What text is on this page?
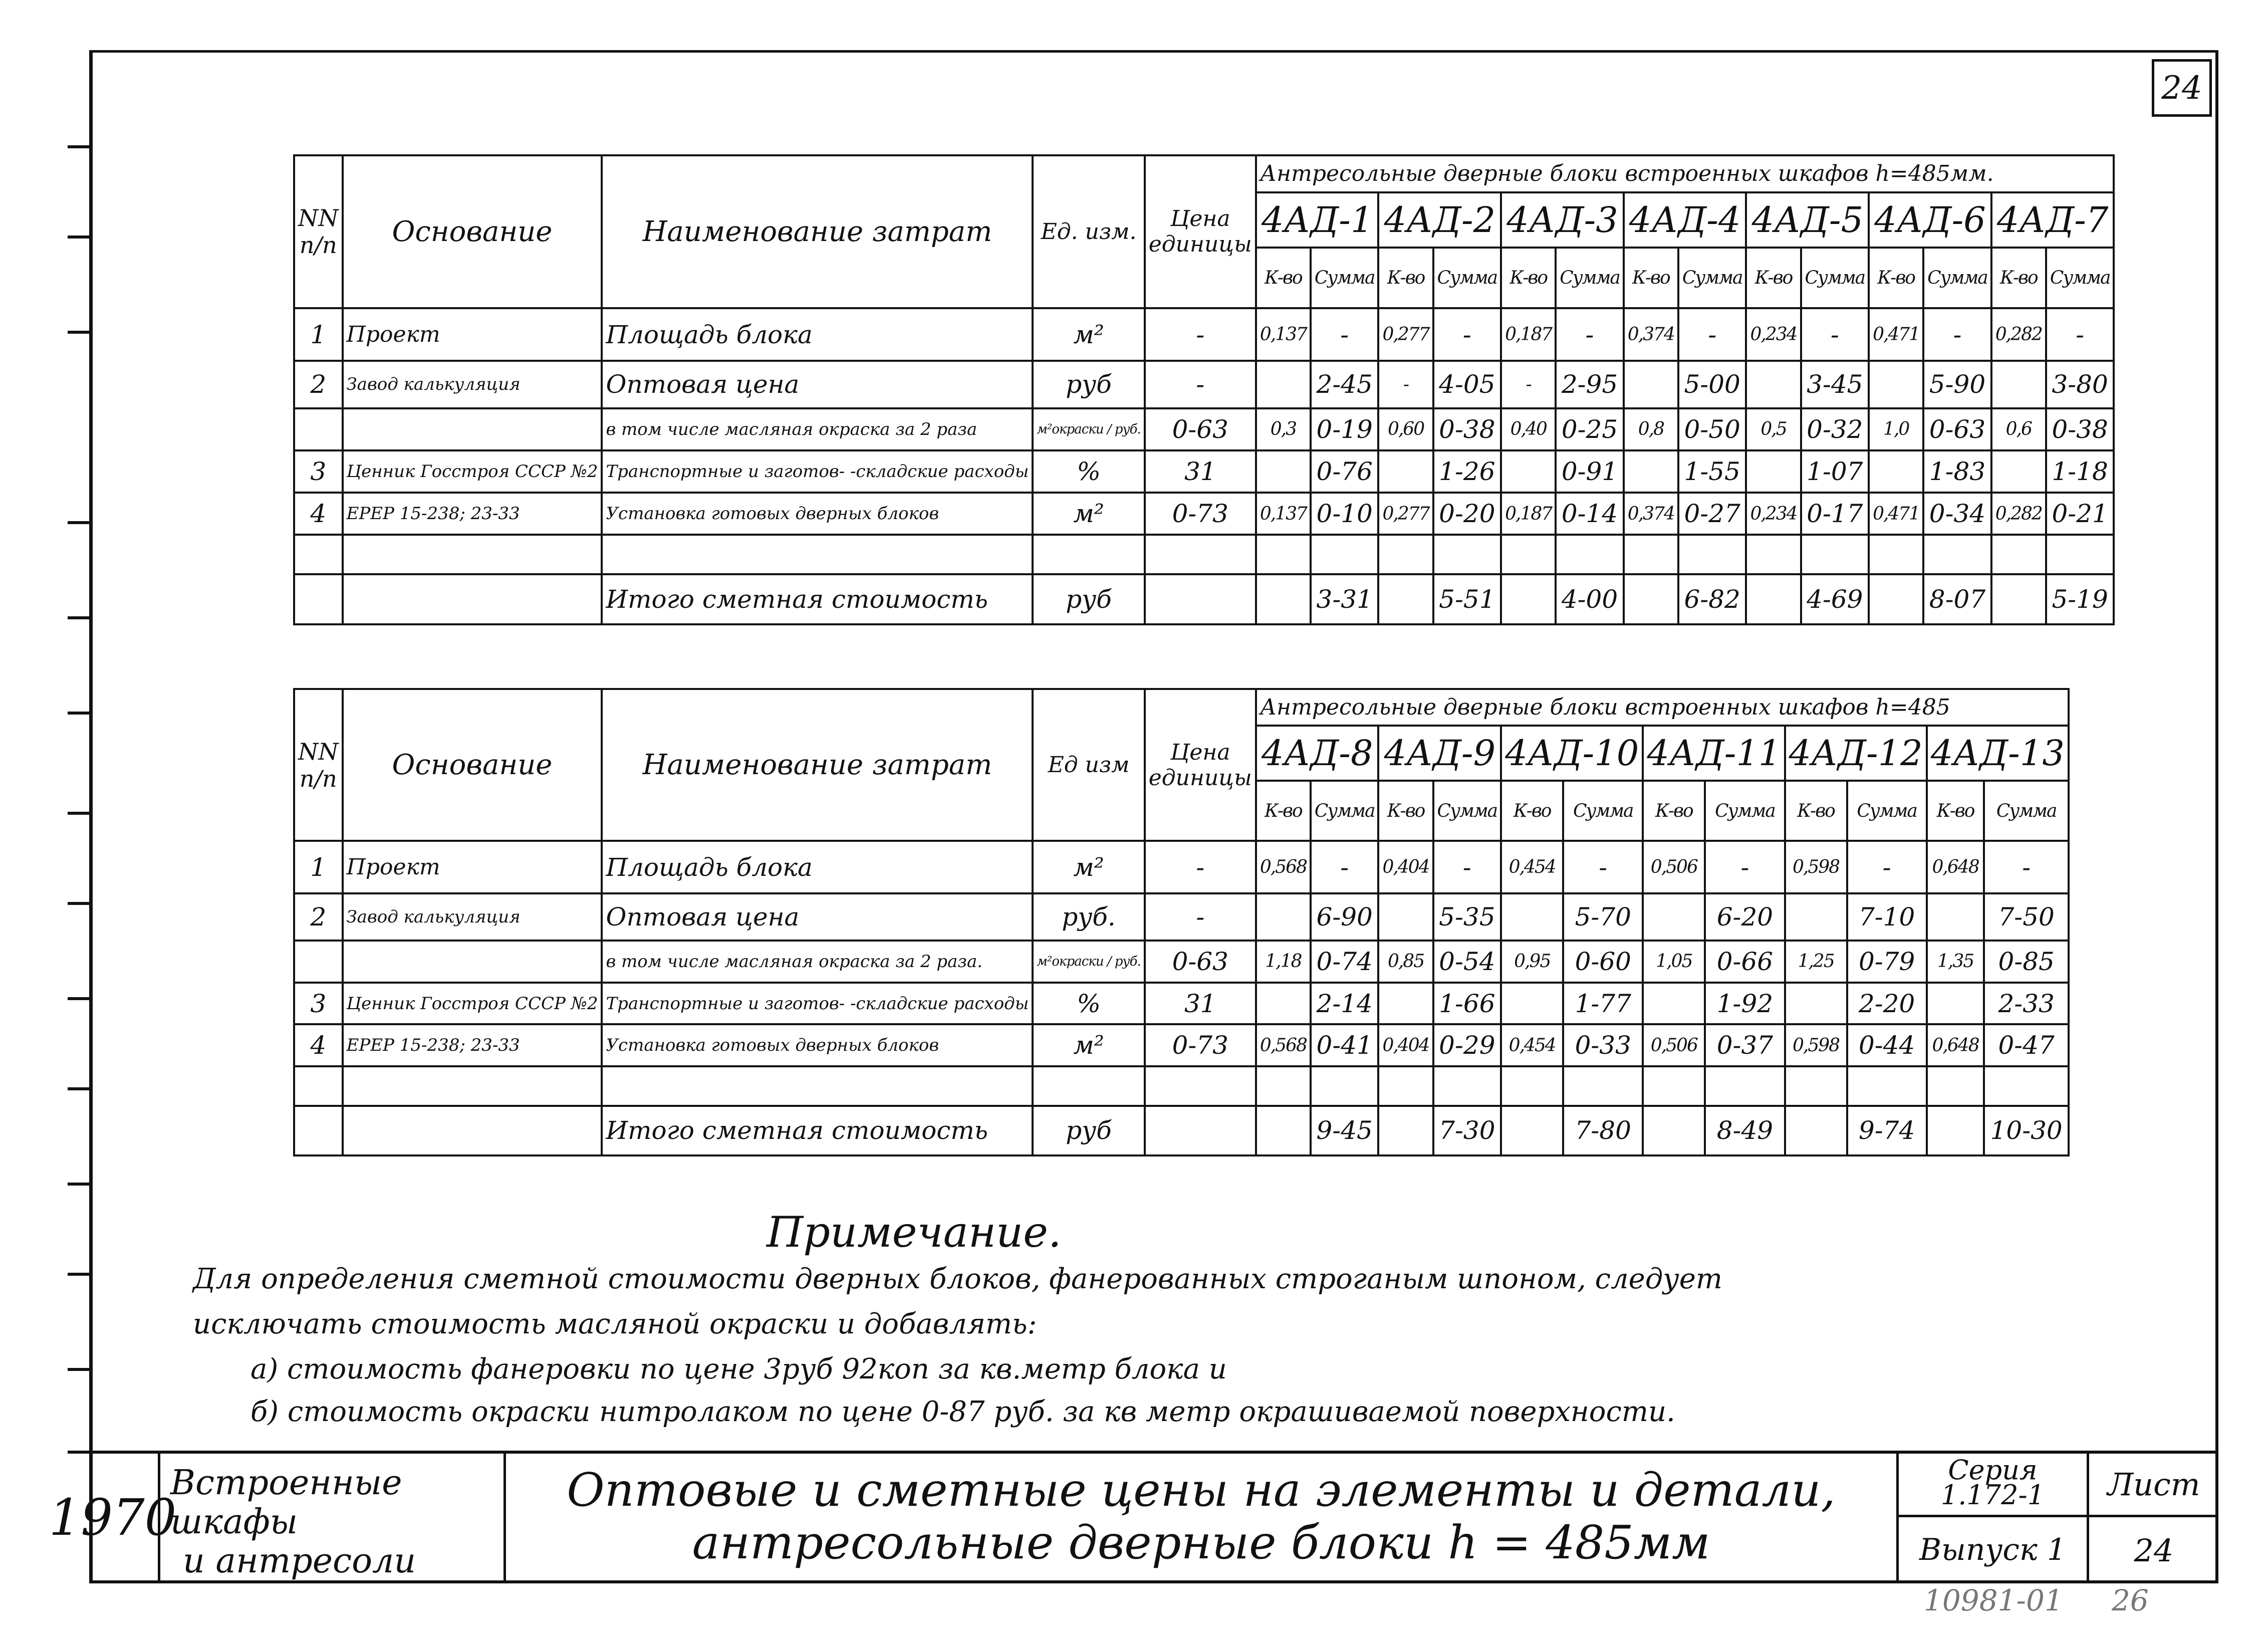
24
NN
п/п	Основание	Наименование затрат	Ед. изм.	Цена единицы	Антресольные дверные блоки встроенных шкафов h=485мм.													
					4АД-1		4АД-2		4АД-3		4АД-4		4АД-5		4АД-6		4АД-7	
					К-во	Сумма	К-во	Сумма	К-во	Сумма	К-во	Сумма	К-во	Сумма	К-во	Сумма	К-во	Сумма
1	Проект	Площадь блока	м²	-	0,137	-	0,277	-	0,187	-	0,374	-	0,234	-	0,471	-	0,282	-
2	Завод калькуляция	Оптовая цена	руб	-		2-45	-	4-05	-	2-95		5-00		3-45		5-90		3-80
		в том числе масляная окраска за 2 раза	м²окраски / руб.	0-63	0,3	0-19	0,60	0-38	0,40	0-25	0,8	0-50	0,5	0-32	1,0	0-63	0,6	0-38
3	Ценник Госстроя СССР №2	Транспортные и заготов- -складские расходы	%	31		0-76		1-26		0-91		1-55		1-07		1-83		1-18
4	ЕРЕР 15-238; 23-33	Установка готовых дверных блоков	м²	0-73	0,137	0-10	0,277	0-20	0,187	0-14	0,374	0-27	0,234	0-17	0,471	0-34	0,282	0-21

		Итого сметная стоимость	руб			3-31		5-51		4-00		6-82		4-69		8-07		5-19
NN
п/п	Основание	Наименование затрат	Ед изм	Цена единицы	Антресольные дверные блоки встроенных шкафов h=485											
					4АД-8		4АД-9		4АД-10		4АД-11		4АД-12		4АД-13	
					К-во	Сумма	К-во	Сумма	К-во	Сумма	К-во	Сумма	К-во	Сумма	К-во	Сумма
1	Проект	Площадь блока	м²	-	0,568	-	0,404	-	0,454	-	0,506	-	0,598	-	0,648	-
2	Завод калькуляция	Оптовая цена	руб.	-		6-90		5-35		5-70		6-20		7-10		7-50
		в том числе масляная окраска за 2 раза.	м²окраски / руб.	0-63	1,18	0-74	0,85	0-54	0,95	0-60	1,05	0-66	1,25	0-79	1,35	0-85
3	Ценник Госстроя СССР №2	Транспортные и заготов- -складские расходы	%	31		2-14		1-66		1-77		1-92		2-20		2-33
4	ЕРЕР 15-238; 23-33	Установка готовых дверных блоков	м²	0-73	0,568	0-41	0,404	0-29	0,454	0-33	0,506	0-37	0,598	0-44	0,648	0-47

		Итого сметная стоимость	руб			9-45		7-30		7-80		8-49		9-74		10-30
Примечание.
Для определения сметной стоимости дверных блоков, фанерованных строганым шпоном, следует
исключать стоимость масляной окраски и добавлять:
а) стоимость фанеровки по цене 3руб 92коп за кв.метр блока и
б) стоимость окраски нитролаком по цене 0-87 руб. за кв метр окрашиваемой поверхности.
1970
Встроенные шкафы
и антресоли
Оптовые и сметные цены на элементы и детали,
антресольные дверные блоки h = 485мм
Серия
1.172-1
Выпуск 1
Лист
24
10981-01 26
